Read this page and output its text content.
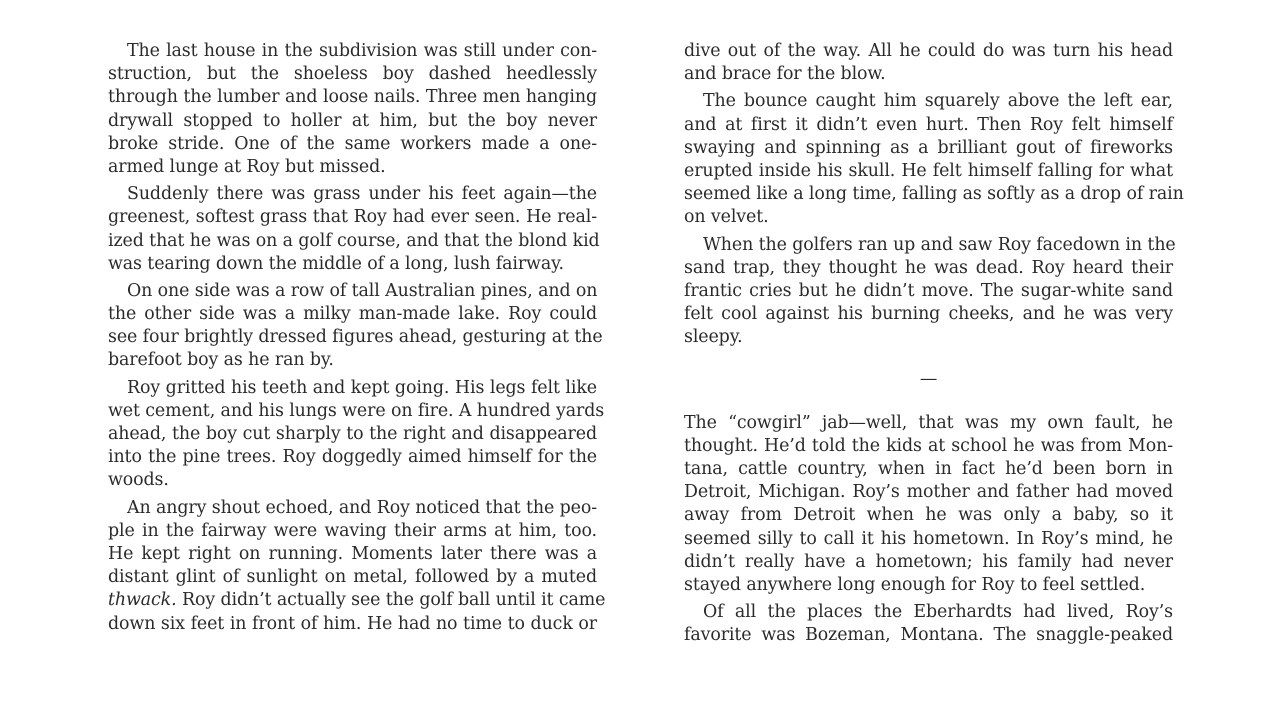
The last house in the subdivision was still under con-
struction, but the shoeless boy dashed heedlessly
through the lumber and loose nails. Three men hanging
drywall stopped to holler at him, but the boy never
broke stride. One of the same workers made a one-
armed lunge at Roy but missed.
Suddenly there was grass under his feet again—the
greenest, softest grass that Roy had ever seen. He real-
ized that he was on a golf course, and that the blond kid
was tearing down the middle of a long, lush fairway.
On one side was a row of tall Australian pines, and on
the other side was a milky man-made lake. Roy could
see four brightly dressed figures ahead, gesturing at the
barefoot boy as he ran by.
Roy gritted his teeth and kept going. His legs felt like
wet cement, and his lungs were on fire. A hundred yards
ahead, the boy cut sharply to the right and disappeared
into the pine trees. Roy doggedly aimed himself for the
woods.
An angry shout echoed, and Roy noticed that the peo-
ple in the fairway were waving their arms at him, too.
He kept right on running. Moments later there was a
distant glint of sunlight on metal, followed by a muted
thwack. Roy didn’t actually see the golf ball until it came
down six feet in front of him. He had no time to duck or
dive out of the way. All he could do was turn his head
and brace for the blow.
The bounce caught him squarely above the left ear,
and at first it didn’t even hurt. Then Roy felt himself
swaying and spinning as a brilliant gout of fireworks
erupted inside his skull. He felt himself falling for what
seemed like a long time, falling as softly as a drop of rain
on velvet.
When the golfers ran up and saw Roy facedown in the
sand trap, they thought he was dead. Roy heard their
frantic cries but he didn’t move. The sugar-white sand
felt cool against his burning cheeks, and he was very
sleepy.
—
The “cowgirl” jab—well, that was my own fault, he
thought. He’d told the kids at school he was from Mon-
tana, cattle country, when in fact he’d been born in
Detroit, Michigan. Roy’s mother and father had moved
away from Detroit when he was only a baby, so it
seemed silly to call it his hometown. In Roy’s mind, he
didn’t really have a hometown; his family had never
stayed anywhere long enough for Roy to feel settled.
Of all the places the Eberhardts had lived, Roy’s
favorite was Bozeman, Montana. The snaggle-peaked
